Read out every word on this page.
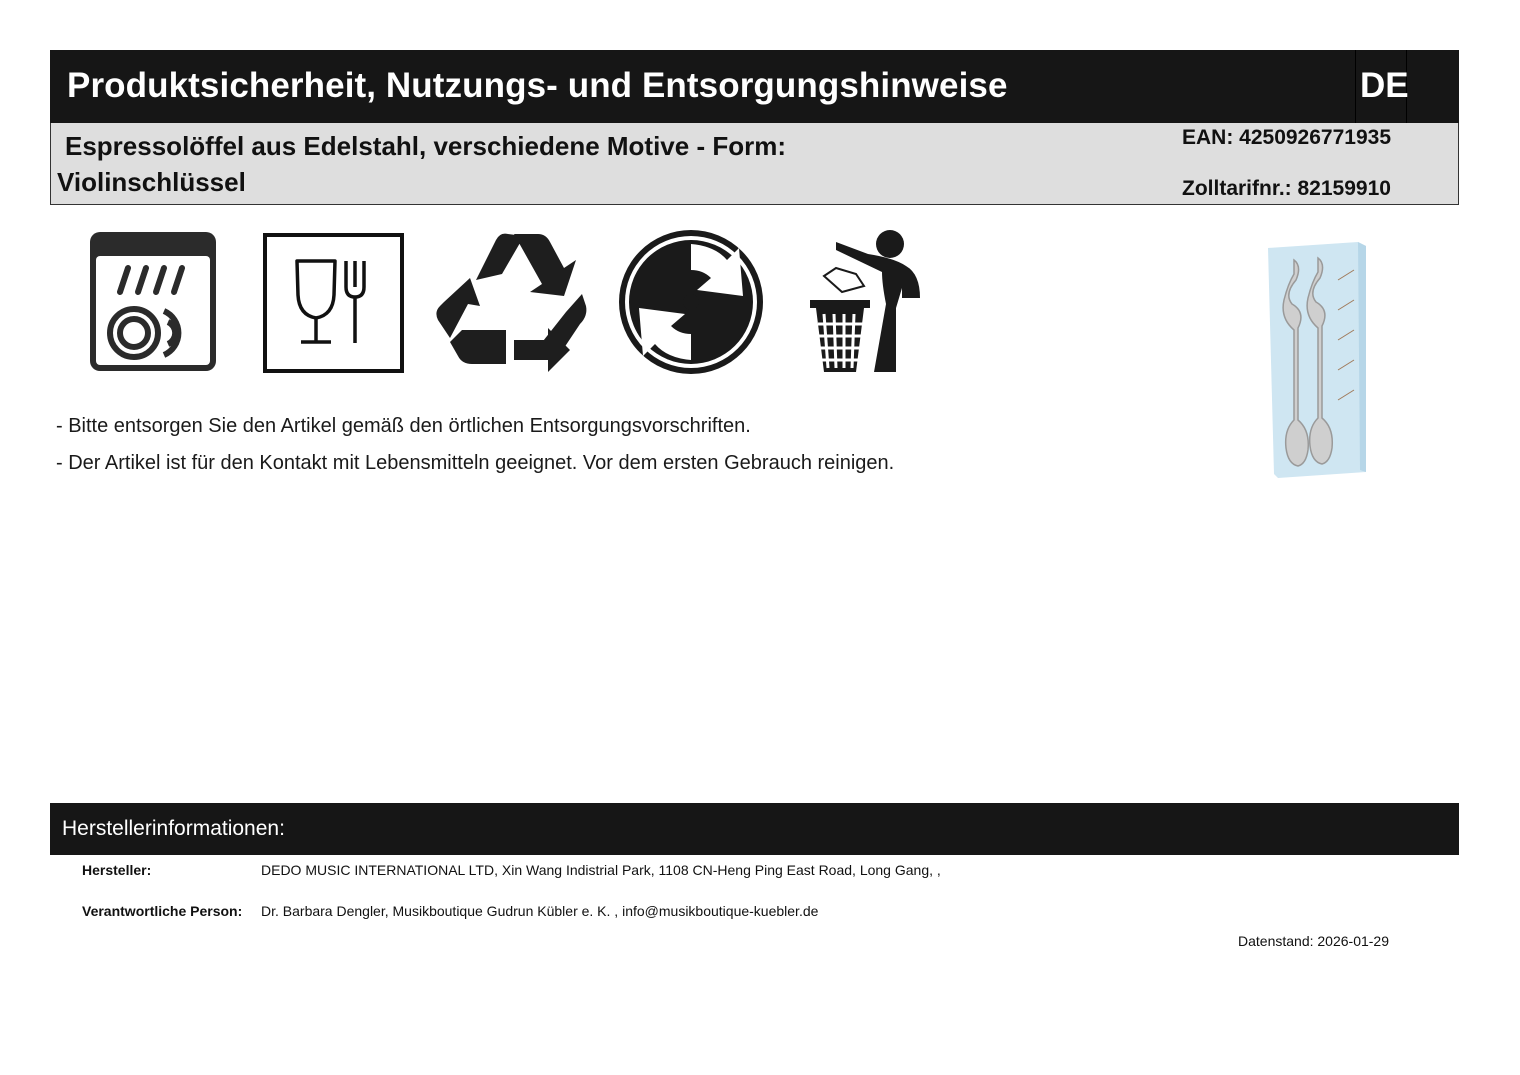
Produktsicherheit, Nutzungs- und Entsorgungshinweise	DE
Espressolöffel aus Edelstahl, verschiedene Motive - Form:
Violinschlüssel
EAN: 4250926771935
Zolltarifnr.: 82159910
- Bitte entsorgen Sie den Artikel gemäß den örtlichen Entsorgungsvorschriften.
- Der Artikel ist für den Kontakt mit Lebensmitteln geeignet. Vor dem ersten Gebrauch reinigen.
Herstellerinformationen:
Hersteller:	DEDO MUSIC INTERNATIONAL LTD, Xin Wang Indistrial Park, 1108 CN-Heng Ping East Road, Long Gang, ,
Verantwortliche Person: Dr. Barbara Dengler, Musikboutique Gudrun Kübler e. K. , info@musikboutique-kuebler.de
Datenstand: 2026-01-29
